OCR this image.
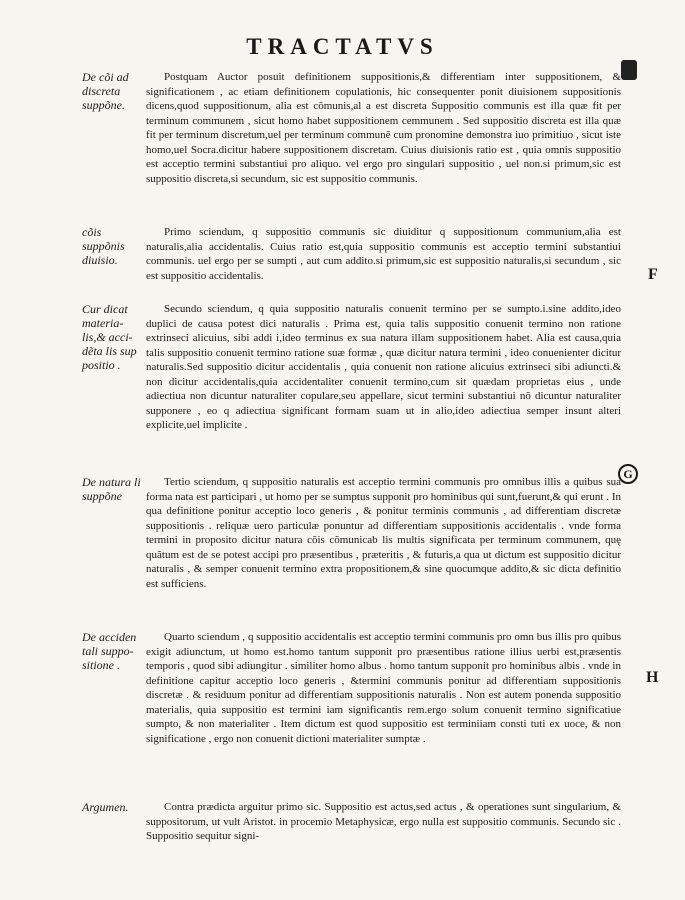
TRACTATVS
F
G
H
De cõi ad discreta suppõne.
Postquam Auctor posuit definitionem suppositionis,& differentiam inter suppositionem, & significationem , ac etiam definitionem copulationis, hic consequenter ponit diuisionem suppositionis dicens,quod suppositionum, alia est cõmunis,al a est discreta Suppositio communis est illa quæ fit per terminum communem , sicut homo habet suppositionem cemmunem . Sed suppositio discreta est illa quæ fit per terminum discretum,uel per terminum communẽ cum pronomine demonstra iuo primitiuo , sicut iste homo,uel Socra.dicitur habere suppositionem discretam. Cuius diuisionis ratio est , quia omnis suppositio est acceptio termini substantiui pro aliquo. vel ergo pro singulari suppositio , uel non.si primum,sic est suppositio discreta,si secundum, sic est suppositio communis.
cõis suppõnis diuisio.
Primo sciendum, q suppositio communis sic diuiditur q suppositionum communium,alia est naturalis,alia accidentalis. Cuius ratio est,quia suppositio communis est acceptio termini substantiui communis. uel ergo per se sumpti , aut cum addito.si primum,sic est suppositio naturalis,si secundum , sic est suppositio accidentalis.
Cur dicat materia- lis,& acci- dẽta lis sup positio .
Secundo sciendum, q quia suppositio naturalis conuenit termino per se sumpto.i.sine addito,ideo duplici de causa potest dici naturalis . Prima est, quia talis suppositio conuenit termino non ratione extrinseci alicuius, sibi addi i,ideo terminus ex sua natura illam suppositionem habet. Alia est causa,quia talis suppositio conuenit termino ratione suæ formæ , quæ dicitur natura termini , ideo conuenienter dicitur naturalis.Sed suppositio dicitur accidentalis , quia conuenit non ratione alicuius extrinseci sibi adiuncti.& non dicitur accidentalis,quia accidentaliter conuenit termino,cum sit quædam proprietas eius , unde adiectiua non dicuntur naturaliter copulare,seu appellare, sicut termini substantiui nõ dicuntur naturaliter supponere , eo q adiectiua significant formam suam ut in alio,ideo adiectiua semper insunt alteri explicite,uel implicite .
De natura li suppõne
Tertio sciendum, q suppositio naturalis est acceptio termini communis pro omnibus illis a quibus sua forma nata est participari , ut homo per se sumptus supponit pro hominibus qui sunt,fuerunt,& qui erunt . In qua definitione ponitur acceptio loco generis , & ponitur terminis communis , ad differentiam discretæ suppositionis . reliquæ uero particulæ ponuntur ad differentiam suppositionis accidentalis . vnde forma termini in proposito dicitur natura cõis cõmunicab lis multis significata per terminum communem, quę quãtum est de se potest accipi pro præsentibus , præteritis , & futuris,a qua ut dictum est suppositio dicitur naturalis , & semper conuenit termino extra propositionem,& sine quocumque addito,& sic dicta definitio est sufficiens.
De acciden tali suppo- sitione .
Quarto sciendum , q suppositio accidentalis est acceptio termini communis pro omn bus illis pro quibus exigit adiunctum, ut homo est.homo tantum supponit pro præsentibus ratione illius uerbi est,præsentis temporis , quod sibi adiungitur . similiter homo albus . homo tantum supponit pro hominibus albis . vnde in definitione capitur acceptio loco generis , &termini communis ponitur ad differentiam suppositionis discretæ . & residuum ponitur ad differentiam suppositionis naturalis . Non est autem ponenda suppositio materialis, quia suppositio est termini iam significantis rem.ergo solum conuenit termino significatiue sumpto, & non materialiter . Item dictum est quod suppositio est terminiiam consti tuti ex uoce, & non significatione , ergo non conuenit dictioni materialiter sumptæ .
Argumen.	Contra prædicta arguitur primo sic. Suppositio est actus,sed actus , & operationes sunt singularium, & suppositorum, ut vult Aristot. in procemio Metaphysicæ, ergo nulla est suppositio communis. Secundo sic . Suppositio sequitur signi-
